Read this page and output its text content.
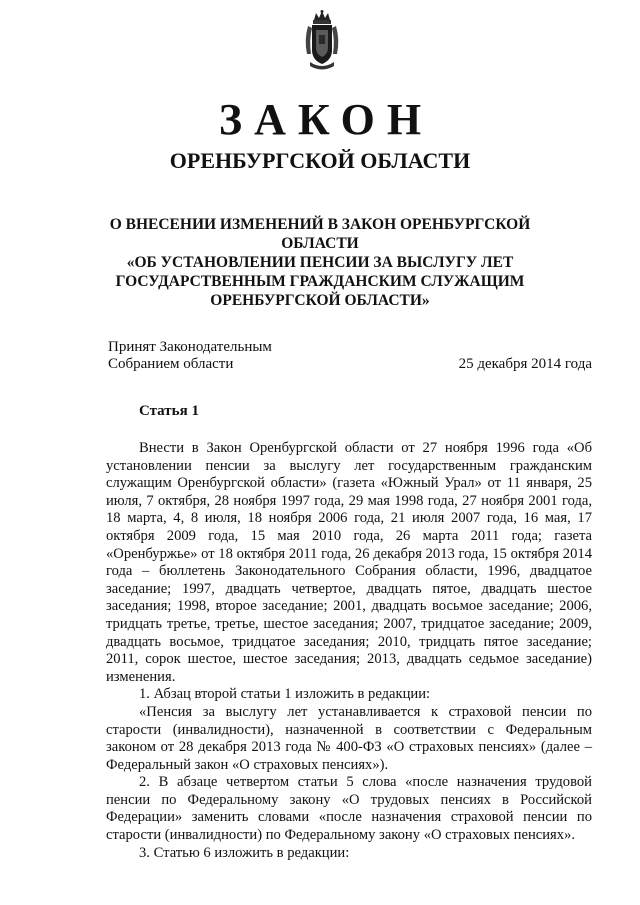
ЗАКОН
ОРЕНБУРГСКОЙ ОБЛАСТИ
О ВНЕСЕНИИ ИЗМЕНЕНИЙ В ЗАКОН ОРЕНБУРГСКОЙ ОБЛАСТИ
«ОБ УСТАНОВЛЕНИИ ПЕНСИИ ЗА ВЫСЛУГУ ЛЕТ
ГОСУДАРСТВЕННЫМ ГРАЖДАНСКИМ СЛУЖАЩИМ
ОРЕНБУРГСКОЙ ОБЛАСТИ»
Принят Законодательным
Собранием области	25 декабря 2014 года
Статья 1

Внести в Закон Оренбургской области от 27 ноября 1996 года «Об установлении пенсии за выслугу лет государственным гражданским служащим Оренбургской области» (газета «Южный Урал» от 11 января, 25 июля, 7 октября, 28 ноября 1997 года, 29 мая 1998 года, 27 ноября 2001 года, 18 марта, 4, 8 июля, 18 ноября 2006 года, 21 июля 2007 года, 16 мая, 17 октября 2009 года, 15 мая 2010 года, 26 марта 2011 года; газета «Оренбуржье» от 18 октября 2011 года, 26 декабря 2013 года, 15 октября 2014 года – бюллетень Законодательного Собрания области, 1996, двадцатое заседание; 1997, двадцать четвертое, двадцать пятое, двадцать шестое заседания; 1998, второе заседание; 2001, двадцать восьмое заседание; 2006, тридцать третье, третье, шестое заседания; 2007, тридцатое заседание; 2009, двадцать восьмое, тридцатое заседания; 2010, тридцать пятое заседание; 2011, сорок шестое, шестое заседания; 2013, двадцать седьмое заседание) изменения.

1. Абзац второй статьи 1 изложить в редакции:

«Пенсия за выслугу лет устанавливается к страховой пенсии по старости (инвалидности), назначенной в соответствии с Федеральным законом от 28 декабря 2013 года № 400-ФЗ «О страховых пенсиях» (далее – Федеральный закон «О страховых пенсиях»).

2. В абзаце четвертом статьи 5 слова «после назначения трудовой пенсии по Федеральному закону «О трудовых пенсиях в Российской Федерации» заменить словами «после назначения страховой пенсии по старости (инвалидности) по Федеральному закону «О страховых пенсиях».

3. Статью 6 изложить в редакции:
